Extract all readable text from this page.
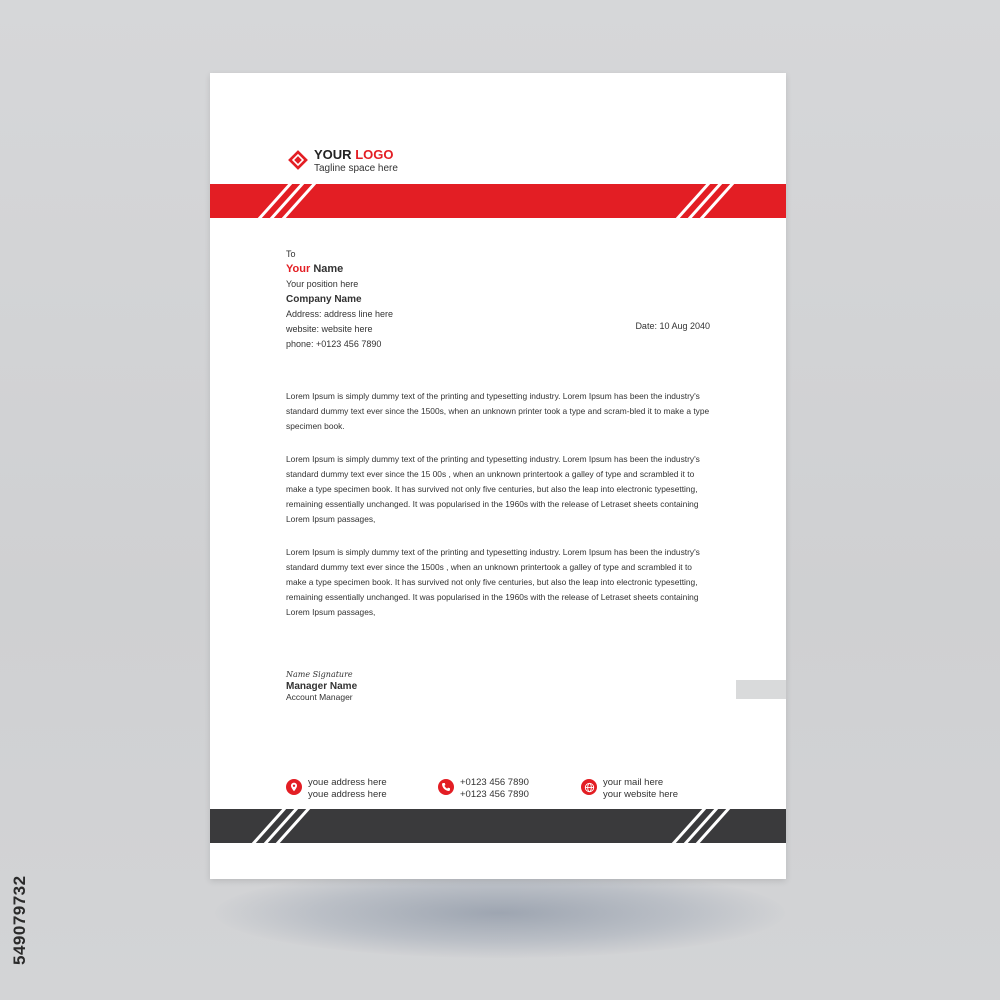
YOUR LOGO
Tagline space here
To
Your Name
Your position here
Company Name
Address: address line here
website: website here
phone: +0123 456 7890
Date: 10 Aug 2040

Lorem Ipsum is simply dummy text of the printing and typesetting industry. Lorem Ipsum has been the industry's standard dummy text ever since the 1500s, when an unknown printer took a type and scram-bled it to make a type specimen book.

Lorem Ipsum is simply dummy text of the printing and typesetting industry. Lorem Ipsum has been the industry's standard dummy text ever since the 15 00s , when an unknown printertook a galley of type and scrambled it to make a type specimen book. It has survived not only five centuries, but also the leap into electronic typesetting, remaining essentially unchanged. It was popularised in the 1960s with the release of Letraset sheets containing Lorem Ipsum passages,

Lorem Ipsum is simply dummy text of the printing and typesetting industry. Lorem Ipsum has been the industry's standard dummy text ever since the 1500s , when an unknown printertook a galley of type and scrambled it to make a type specimen book. It has survived not only five centuries, but also the leap into electronic typesetting, remaining essentially unchanged. It was popularised in the 1960s with the release of Letraset sheets containing Lorem Ipsum passages,

Name Signature
Manager Name
Account Manager
youe address here
youe address here
+0123 456 7890
+0123 456 7890
your mail here
your website here
549079732
